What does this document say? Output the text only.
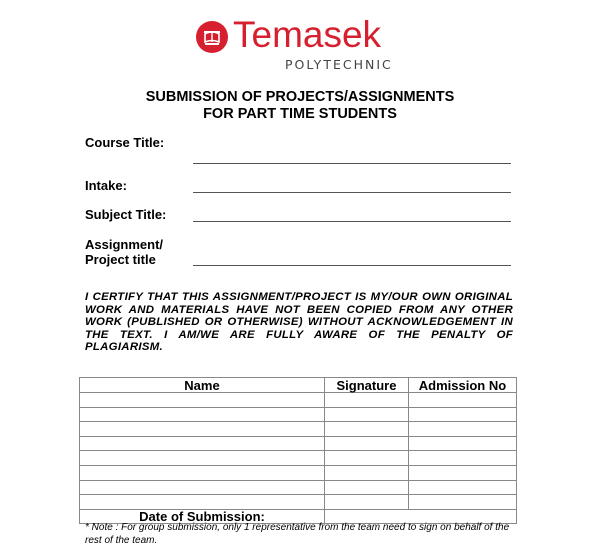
Temasek
POLYTECHNIC
SUBMISSION OF PROJECTS/ASSIGNMENTS
FOR PART TIME STUDENTS
Course Title:
Intake:
Subject Title:
Assignment/
Project title
I CERTIFY THAT THIS ASSIGNMENT/PROJECT IS MY/OUR OWN ORIGINAL WORK AND MATERIALS HAVE NOT BEEN COPIED FROM ANY OTHER WORK (PUBLISHED OR OTHERWISE) WITHOUT ACKNOWLEDGEMENT IN THE TEXT. I AM/WE ARE FULLY AWARE OF THE PENALTY OF PLAGIARISM.
Name	Signature	Admission No

Date of Submission:		
* Note : For group submission, only 1 representative from the team need to sign on behalf of the rest of the team.
